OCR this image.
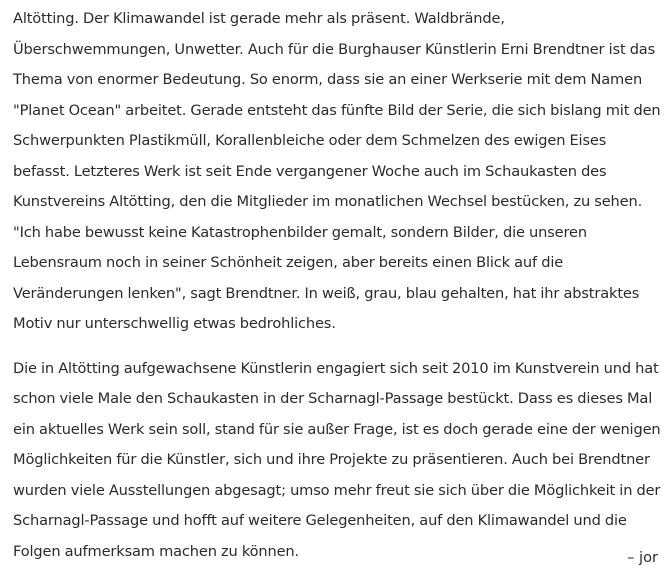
Altötting. Der Klimawandel ist gerade mehr als präsent. Waldbrände, Überschwemmungen, Unwetter. Auch für die Burghauser Künstlerin Erni Brendtner ist das Thema von enormer Bedeutung. So enorm, dass sie an einer Werkserie mit dem Namen "Planet Ocean" arbeitet. Gerade entsteht das fünfte Bild der Serie, die sich bislang mit den Schwerpunkten Plastikmüll, Korallenbleiche oder dem Schmelzen des ewigen Eises befasst. Letzteres Werk ist seit Ende vergangener Woche auch im Schaukasten des Kunstvereins Altötting, den die Mitglieder im monatlichen Wechsel bestücken, zu sehen. "Ich habe bewusst keine Katastrophenbilder gemalt, sondern Bilder, die unseren Lebensraum noch in seiner Schönheit zeigen, aber bereits einen Blick auf die Veränderungen lenken", sagt Brendtner. In weiß, grau, blau gehalten, hat ihr abstraktes Motiv nur unterschwellig etwas bedrohliches.

Die in Altötting aufgewachsene Künstlerin engagiert sich seit 2010 im Kunstverein und hat schon viele Male den Schaukasten in der Scharnagl-Passage bestückt. Dass es dieses Mal ein aktuelles Werk sein soll, stand für sie außer Frage, ist es doch gerade eine der wenigen Möglichkeiten für die Künstler, sich und ihre Projekte zu präsentieren. Auch bei Brendtner wurden viele Ausstellungen abgesagt; umso mehr freut sie sich über die Möglichkeit in der Scharnagl-Passage und hofft auf weitere Gelegenheiten, auf den Klimawandel und die Folgen aufmerksam machen zu können.	– jor
